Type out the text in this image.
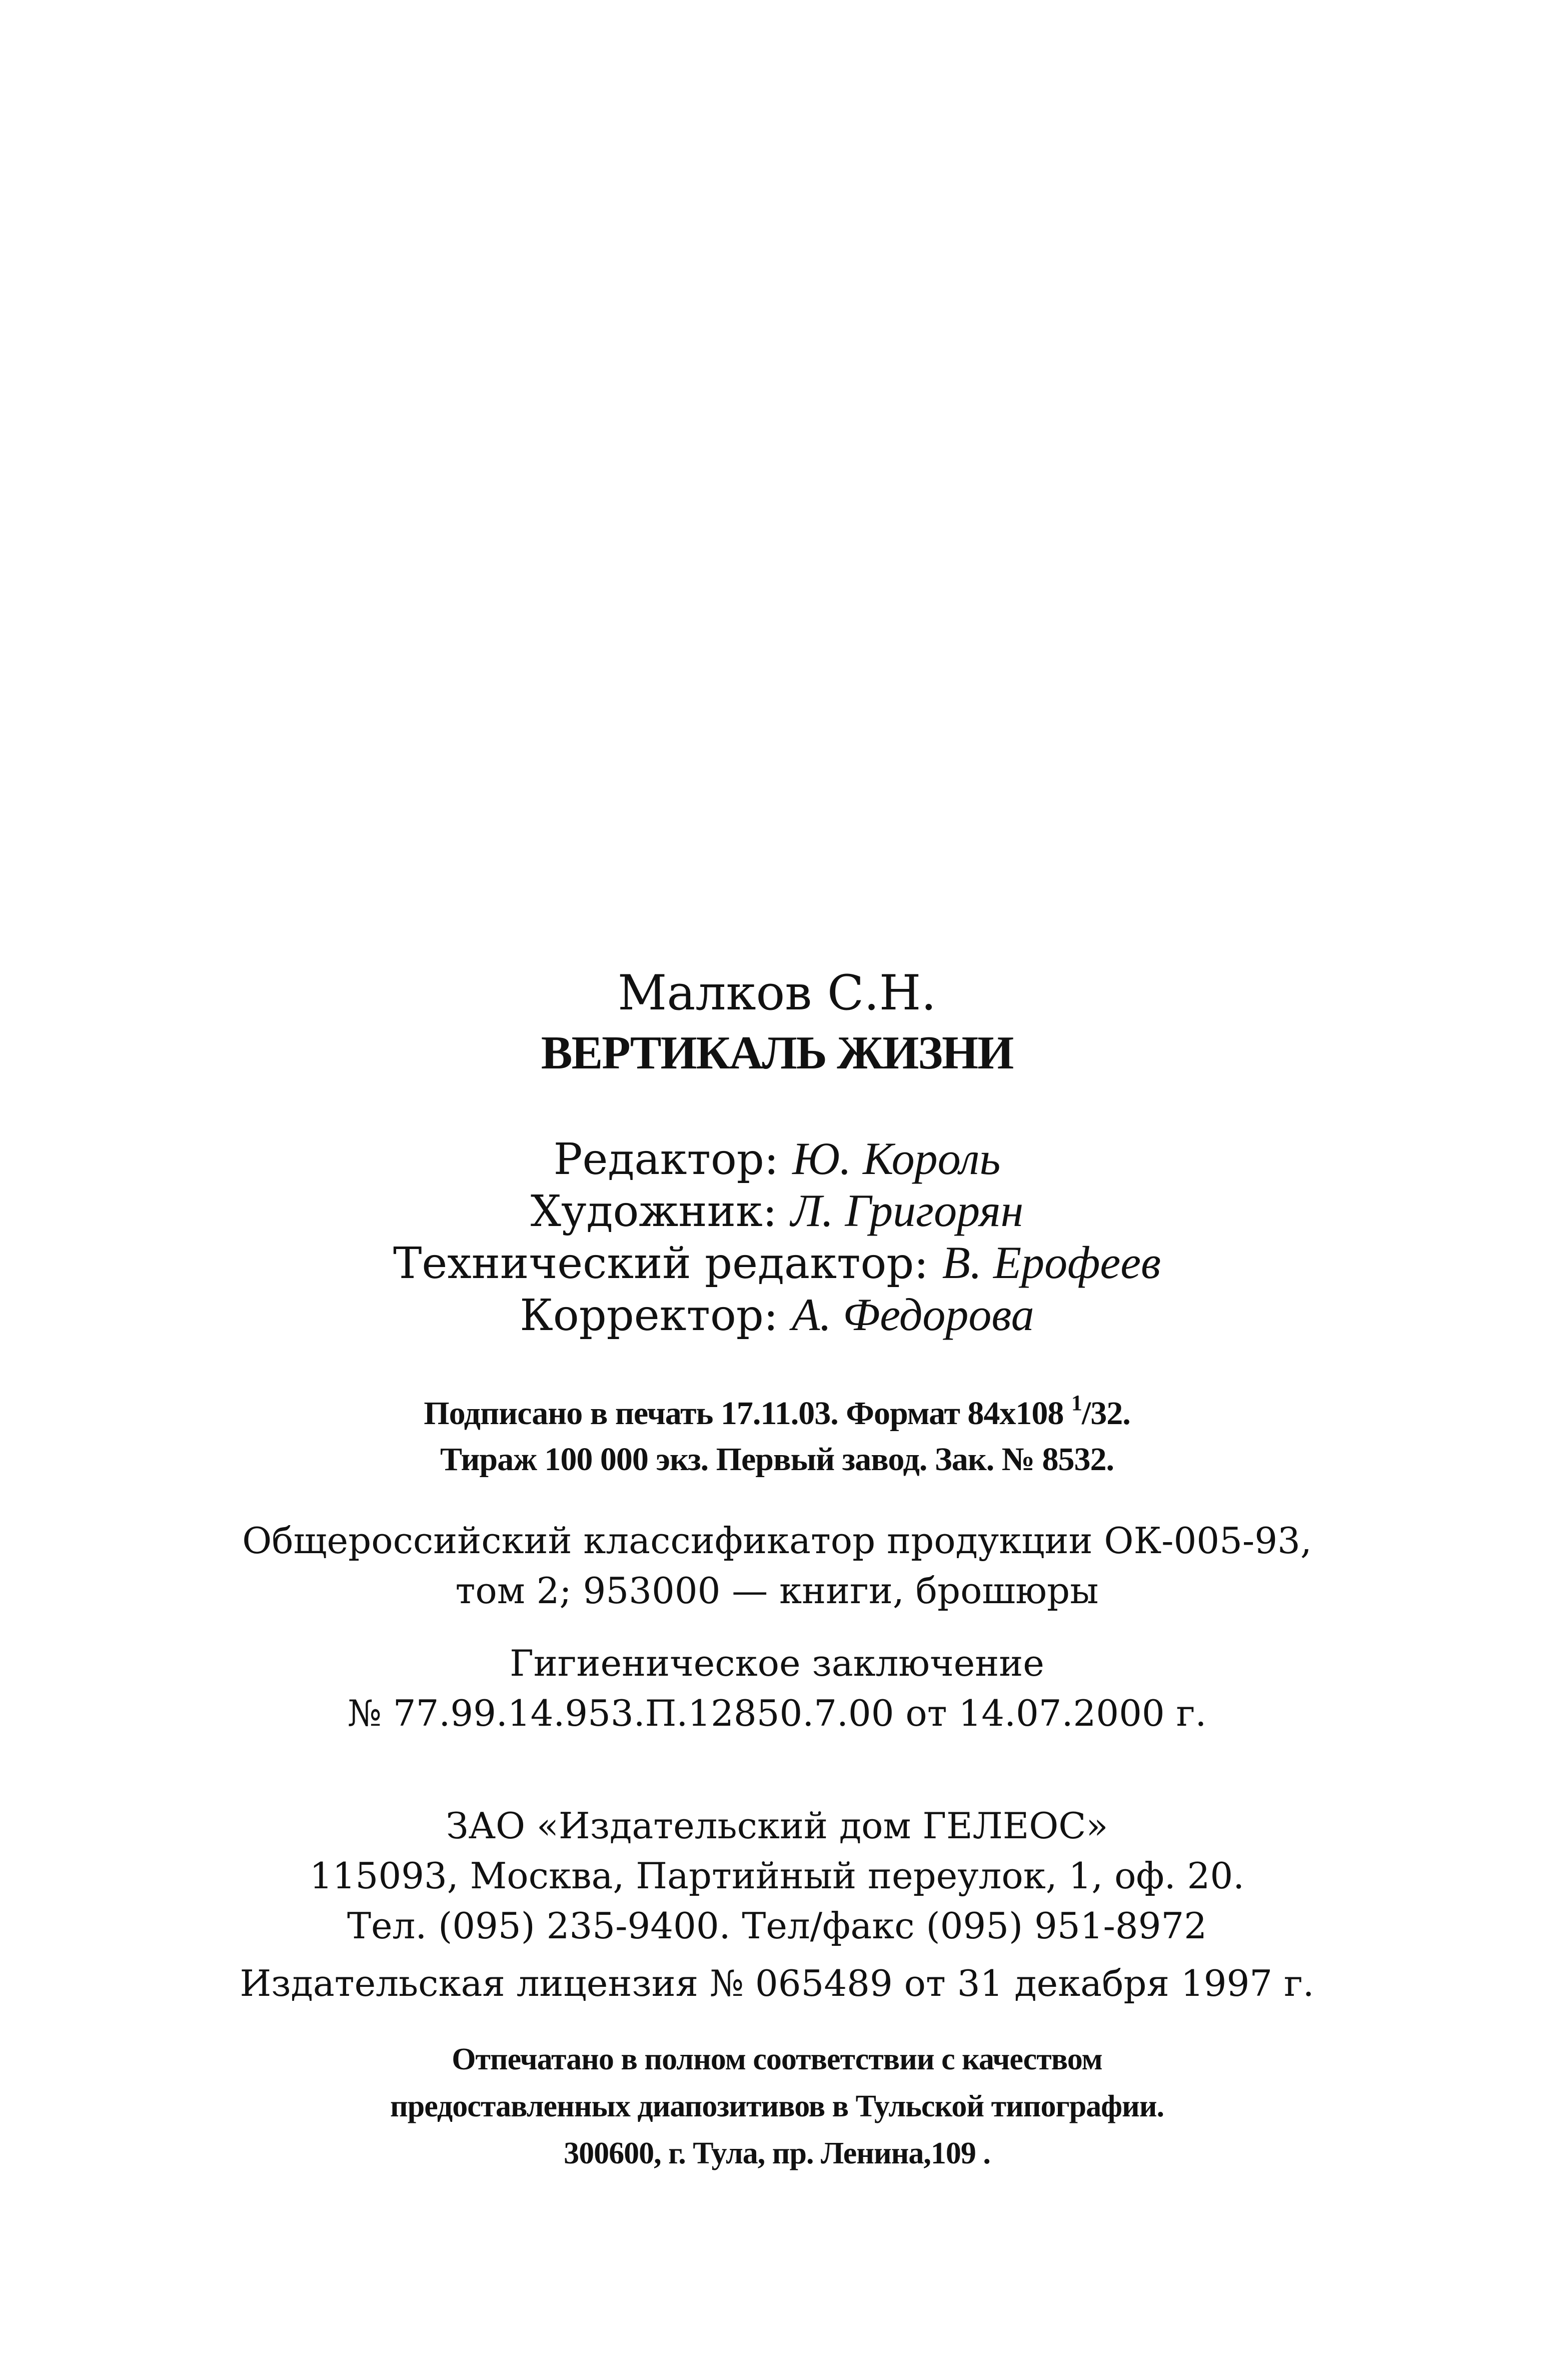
Малков С.Н.
ВЕРТИКАЛЬ ЖИЗНИ
Редактор: Ю. Король
Художник: Л. Григорян
Технический редактор: В. Ерофеев
Корректор: А. Федорова
Подписано в печать 17.11.03. Формат 84x108 $^1$/32.
Тираж 100 000 экз. Первый завод. Зак. № 8532.
Общероссийский классификатор продукции ОК-005-93,
том 2; 953000 — книги, брошюры
Гигиеническое заключение
№ 77.99.14.953.П.12850.7.00 от 14.07.2000 г.
ЗАО «Издательский дом ГЕЛЕОС»
115093, Москва, Партийный переулок, 1, оф. 20.
Тел. (095) 235-9400. Тел/факс (095) 951-8972
Издательская лицензия № 065489 от 31 декабря 1997 г.
Отпечатано в полном соответствии с качеством
предоставленных диапозитивов в Тульской типографии.
300600, г. Тула, пр. Ленина,109 .
